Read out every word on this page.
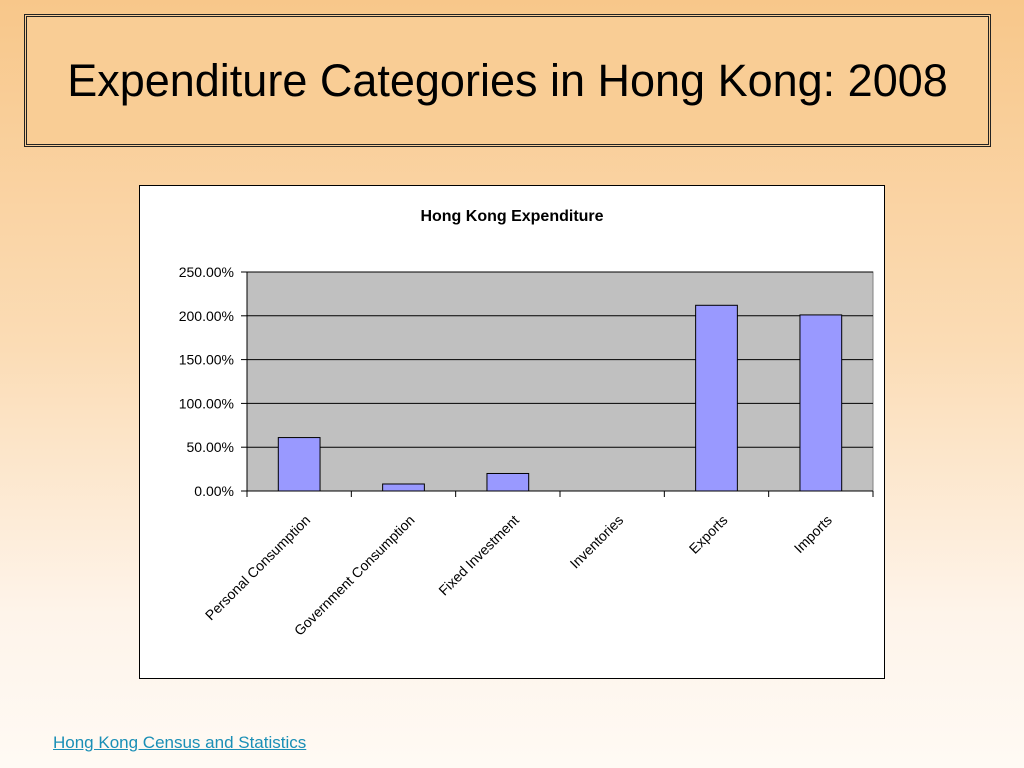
Expenditure Categories in Hong Kong: 2008
Hong Kong Expenditure
0.00%
50.00%
100.00%
150.00%
200.00%
250.00%
Personal Consumption
Government Consumption Fixed Investment	Inventories	Exports	Imports
Hong Kong Census and Statistics
